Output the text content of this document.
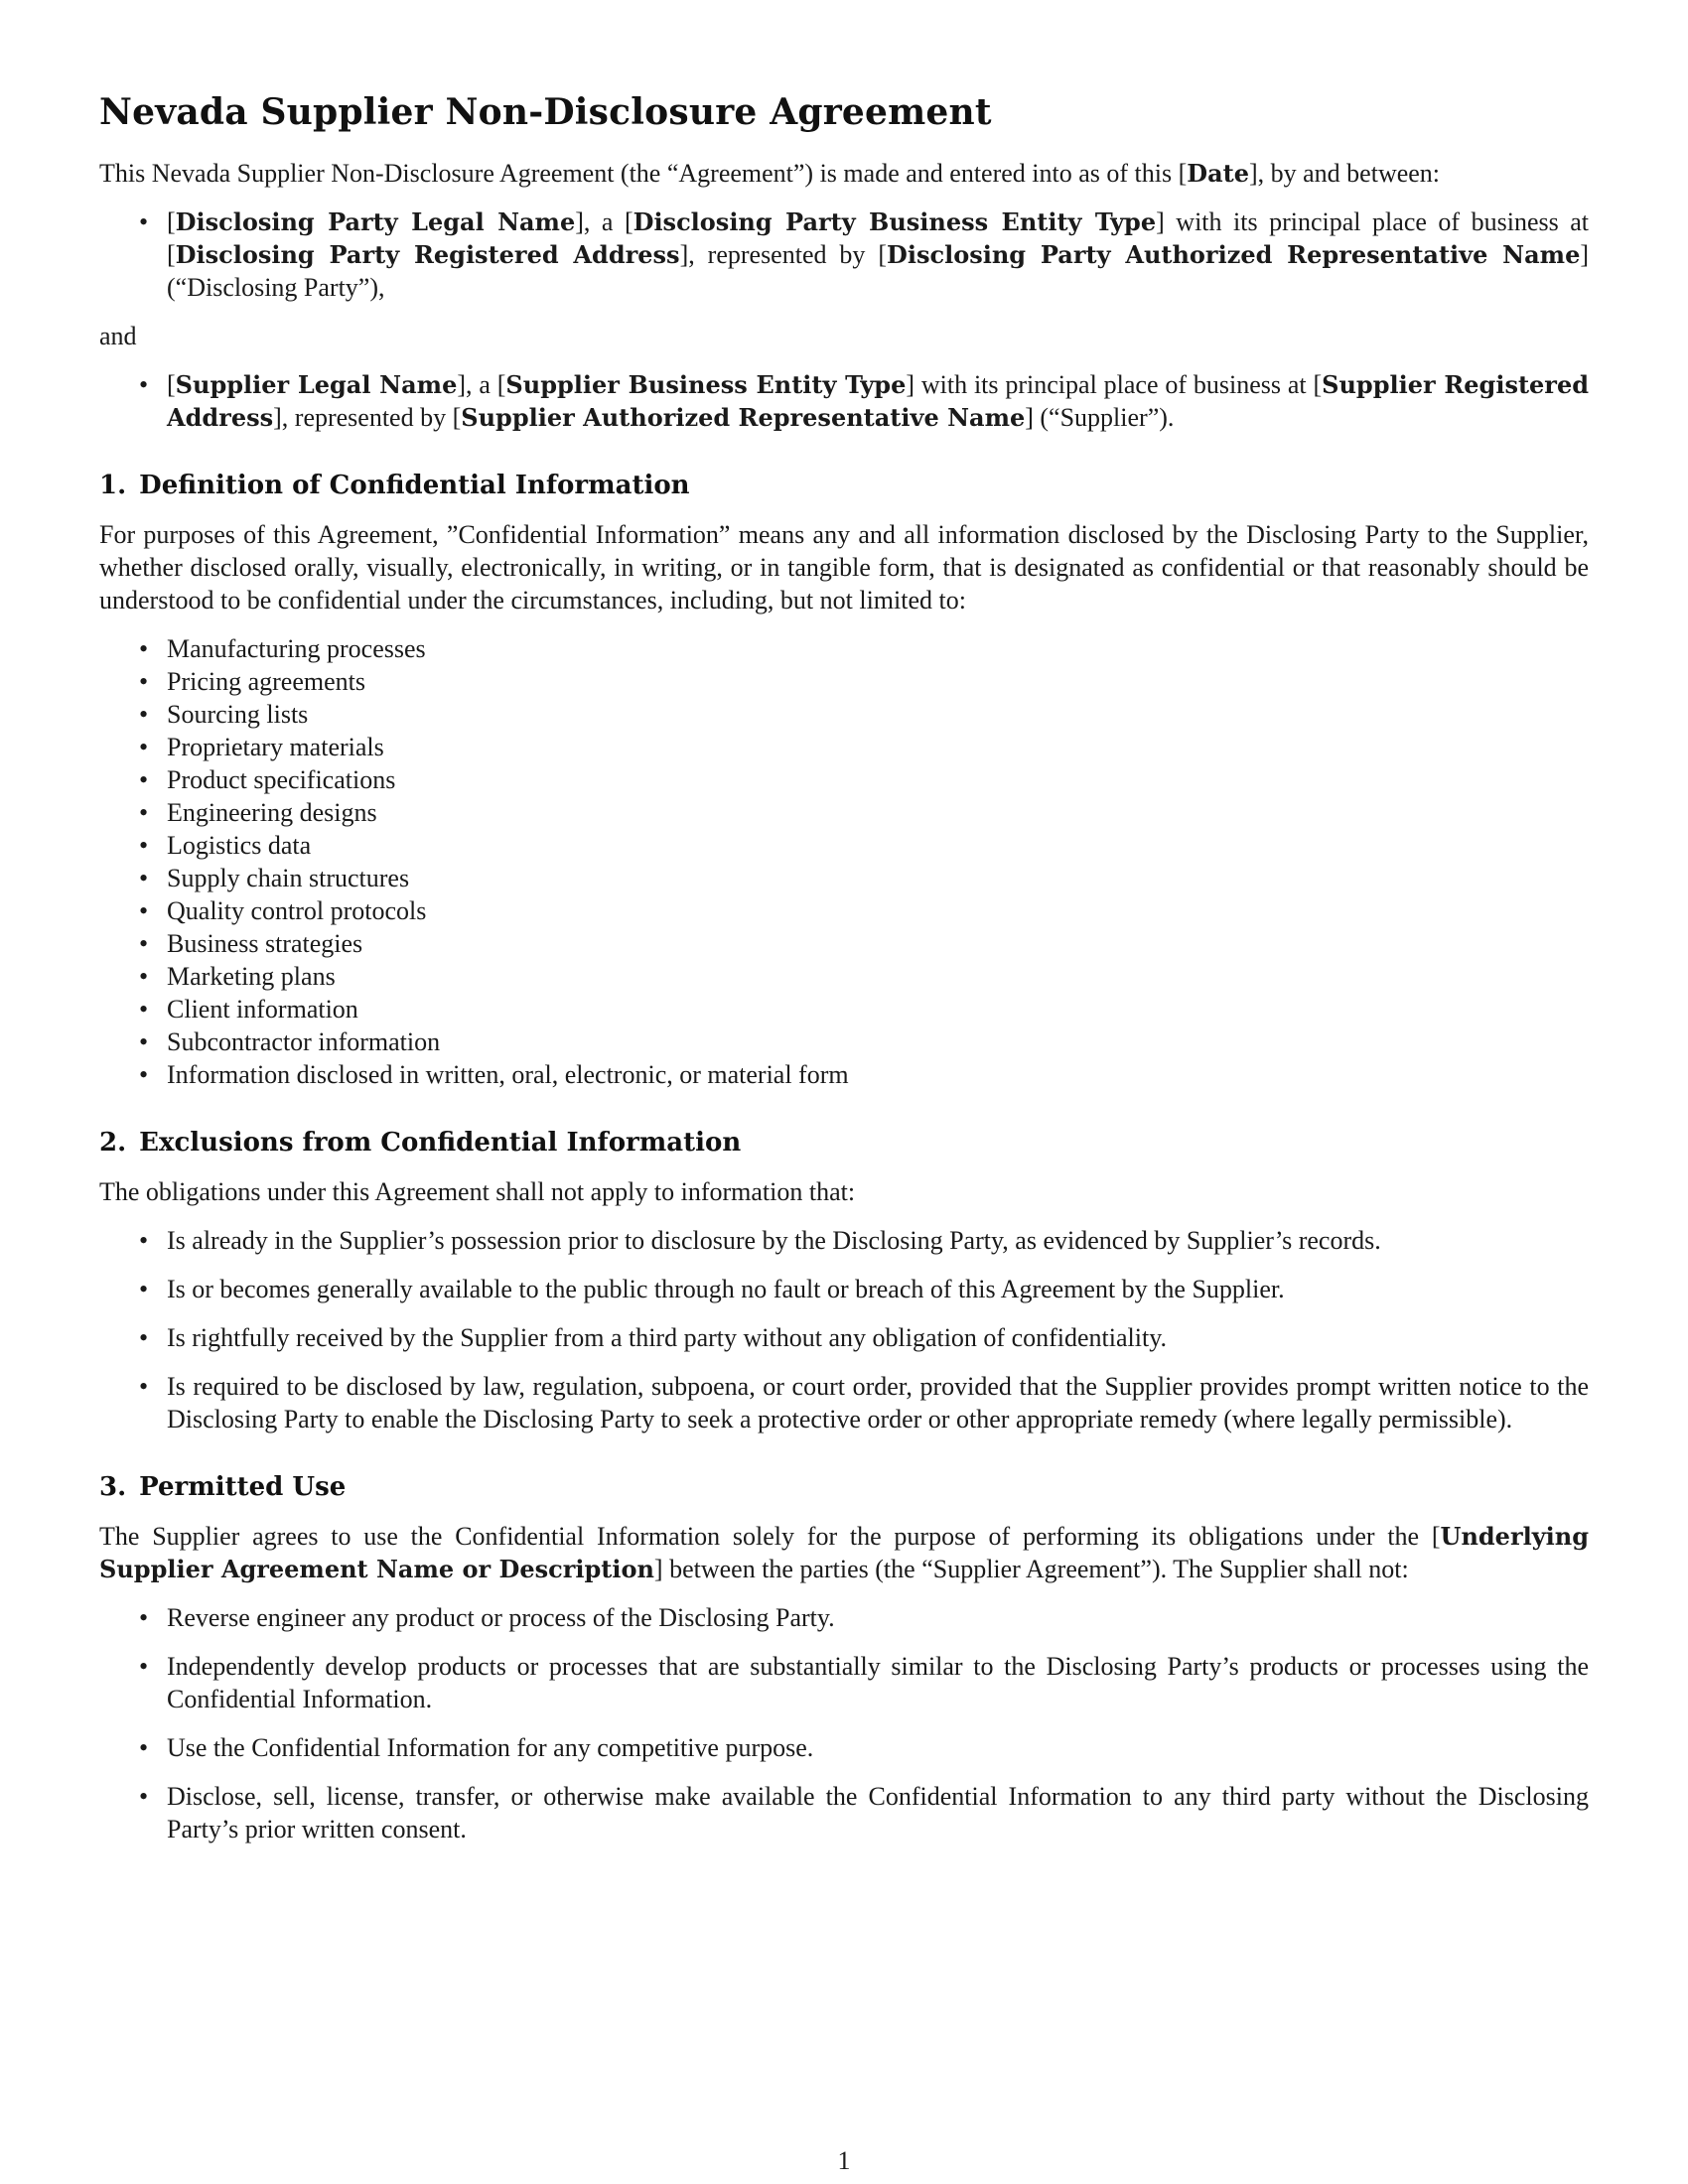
Nevada Supplier Non-Disclosure Agreement

This Nevada Supplier Non-Disclosure Agreement (the “Agreement”) is made and entered into as of this [Date], by and between:

• [Disclosing Party Legal Name], a [Disclosing Party Business Entity Type] with its principal place of business at [Disclosing Party Registered Address], represented by [Disclosing Party Authorized Representative Name] (“Disclosing Party”),

and

• [Supplier Legal Name], a [Supplier Business Entity Type] with its principal place of business at [Supplier Registered Address], represented by [Supplier Authorized Representative Name] (“Supplier”).
1. Definition of Confidential Information

For purposes of this Agreement, ”Confidential Information” means any and all information disclosed by the Disclosing Party to the Supplier, whether disclosed orally, visually, electronically, in writing, or in tangible form, that is designated as confidential or that reasonably should be understood to be confidential under the circumstances, including, but not limited to:

• Manufacturing processes
• Pricing agreements
• Sourcing lists
• Proprietary materials
• Product specifications
• Engineering designs
• Logistics data
• Supply chain structures
• Quality control protocols
• Business strategies
• Marketing plans
• Client information
• Subcontractor information
• Information disclosed in written, oral, electronic, or material form
2. Exclusions from Confidential Information

The obligations under this Agreement shall not apply to information that:

• Is already in the Supplier’s possession prior to disclosure by the Disclosing Party, as evidenced by Supplier’s records.
• Is or becomes generally available to the public through no fault or breach of this Agreement by the Supplier.
• Is rightfully received by the Supplier from a third party without any obligation of confidentiality.
• Is required to be disclosed by law, regulation, subpoena, or court order, provided that the Supplier provides prompt written notice to the Disclosing Party to enable the Disclosing Party to seek a protective order or other appropriate remedy (where legally permissible).
3. Permitted Use

The Supplier agrees to use the Confidential Information solely for the purpose of performing its obligations under the [Underlying Supplier Agreement Name or Description] between the parties (the “Supplier Agreement”). The Supplier shall not:

• Reverse engineer any product or process of the Disclosing Party.
• Independently develop products or processes that are substantially similar to the Disclosing Party’s products or processes using the Confidential Information.
• Use the Confidential Information for any competitive purpose.
• Disclose, sell, license, transfer, or otherwise make available the Confidential Information to any third party without the Disclosing Party’s prior written consent.
1
